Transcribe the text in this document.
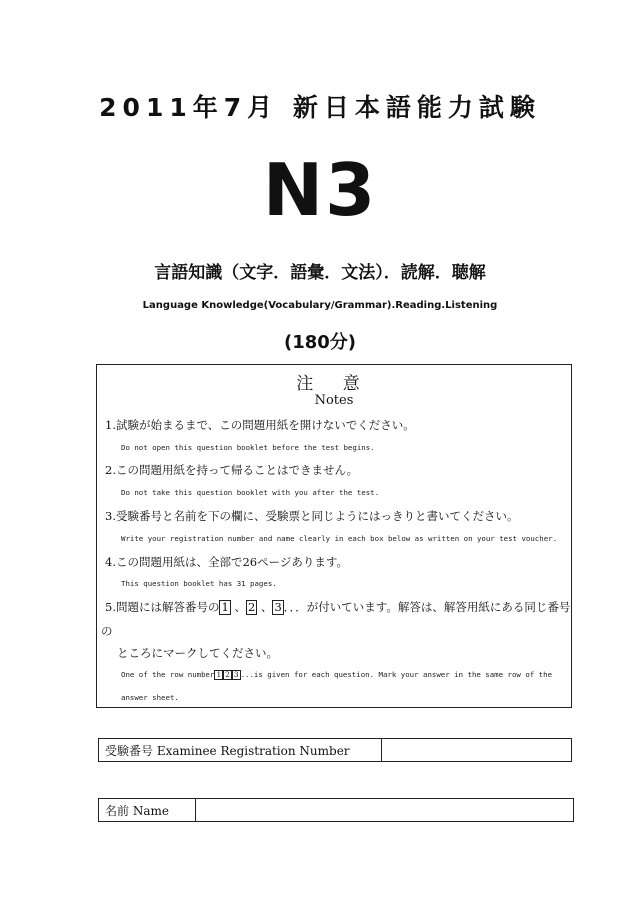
2011年7月 新日本語能力試験
N3
言語知識（文字．語彙．文法）．読解．聴解
Language Knowledge(Vocabulary/Grammar).Reading.Listening
(180分)
注 意
Notes
1.試験が始まるまで、この問題用紙を開けないでください。
Do not open this question booklet before the test begins.
2.この問題用紙を持って帰ることはできません。
Do not take this question booklet with you after the test.
3.受験番号と名前を下の欄に、受験票と同じようにはっきりと書いてください。
Write your registration number and name clearly in each box below as written on your test voucher.
4.この問題用紙は、全部で26ページあります。
This question booklet has 31 pages.
5.問題には解答番号の 1 、 2 、 3 ．．．が付いています。解答は、解答用紙にある同じ番号
の
ところにマークしてください。
One of the row number 1 2 3 ...is given for each question. Mark your answer in the same row of the
answer sheet.
受験番号 Examinee Registration Number
名前 Name
